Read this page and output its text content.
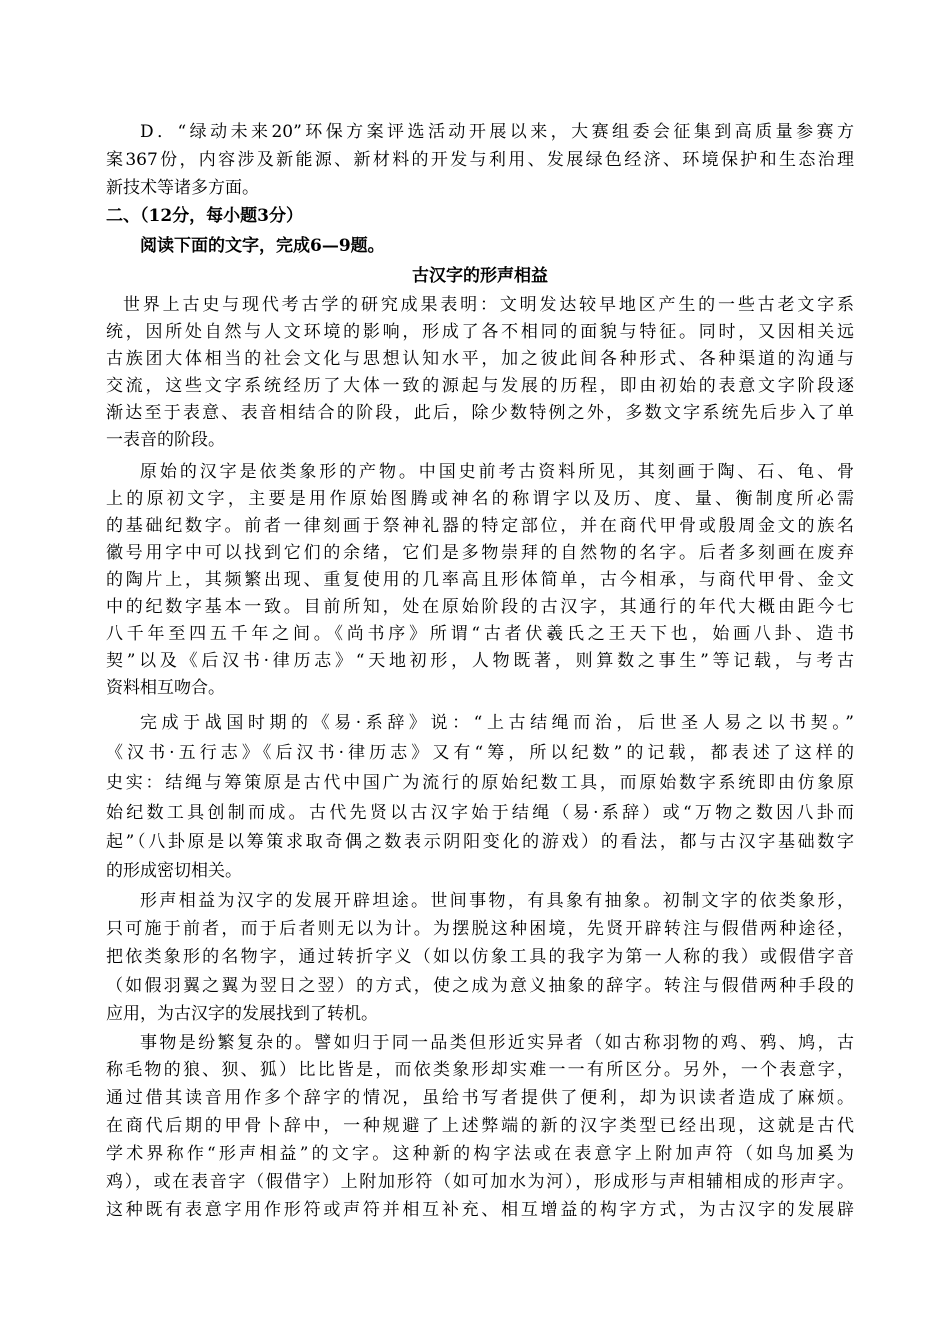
D．“绿动未来20”环保方案评选活动开展以来，大赛组委会征集到高质量参赛方
案367份，内容涉及新能源、新材料的开发与利用、发展绿色经济、环境保护和生态治理
新技术等诸多方面。
二、（12分，每小题3分）
阅读下面的文字，完成6—9题。
古汉字的形声相益
世界上古史与现代考古学的研究成果表明：文明发达较早地区产生的一些古老文字系
统，因所处自然与人文环境的影响，形成了各不相同的面貌与特征。同时，又因相关远
古族团大体相当的社会文化与思想认知水平，加之彼此间各种形式、各种渠道的沟通与
交流，这些文字系统经历了大体一致的源起与发展的历程，即由初始的表意文字阶段逐
渐达至于表意、表音相结合的阶段，此后，除少数特例之外，多数文字系统先后步入了单
一表音的阶段。
原始的汉字是依类象形的产物。中国史前考古资料所见，其刻画于陶、石、龟、骨
上的原初文字，主要是用作原始图腾或神名的称谓字以及历、度、量、衡制度所必需
的基础纪数字。前者一律刻画于祭神礼器的特定部位，并在商代甲骨或殷周金文的族名
徽号用字中可以找到它们的余绪，它们是多物崇拜的自然物的名字。后者多刻画在废弃
的陶片上，其频繁出现、重复使用的几率高且形体简单，古今相承，与商代甲骨、金文
中的纪数字基本一致。目前所知，处在原始阶段的古汉字，其通行的年代大概由距今七
八千年至四五千年之间。《尚书序》所谓“古者伏羲氏之王天下也，始画八卦、造书
契”以及《后汉书·律历志》“天地初形，人物既著，则算数之事生”等记载，与考古
资料相互吻合。
完成于战国时期的《易·系辞》说：“上古结绳而治，后世圣人易之以书契。”
《汉书·五行志》《后汉书·律历志》又有“筹，所以纪数”的记载，都表述了这样的
史实：结绳与筹策原是古代中国广为流行的原始纪数工具，而原始数字系统即由仿象原
始纪数工具创制而成。古代先贤以古汉字始于结绳（易·系辞）或“万物之数因八卦而
起”（八卦原是以筹策求取奇偶之数表示阴阳变化的游戏）的看法，都与古汉字基础数字
的形成密切相关。
形声相益为汉字的发展开辟坦途。世间事物，有具象有抽象。初制文字的依类象形，
只可施于前者，而于后者则无以为计。为摆脱这种困境，先贤开辟转注与假借两种途径，
把依类象形的名物字，通过转折字义（如以仿象工具的我字为第一人称的我）或假借字音
（如假羽翼之翼为翌日之翌）的方式，使之成为意义抽象的辞字。转注与假借两种手段的
应用，为古汉字的发展找到了转机。
事物是纷繁复杂的。譬如归于同一品类但形近实异者（如古称羽物的鸡、鸦、鸠，古
称毛物的狼、狈、狐）比比皆是，而依类象形却实难一一有所区分。另外，一个表意字，
通过借其读音用作多个辞字的情况，虽给书写者提供了便利，却为识读者造成了麻烦。
在商代后期的甲骨卜辞中，一种规避了上述弊端的新的汉字类型已经出现，这就是古代
学术界称作“形声相益”的文字。这种新的构字法或在表意字上附加声符（如鸟加奚为
鸡），或在表音字（假借字）上附加形符（如可加水为河），形成形与声相辅相成的形声字。
这种既有表意字用作形符或声符并相互补充、相互增益的构字方式，为古汉字的发展辟
